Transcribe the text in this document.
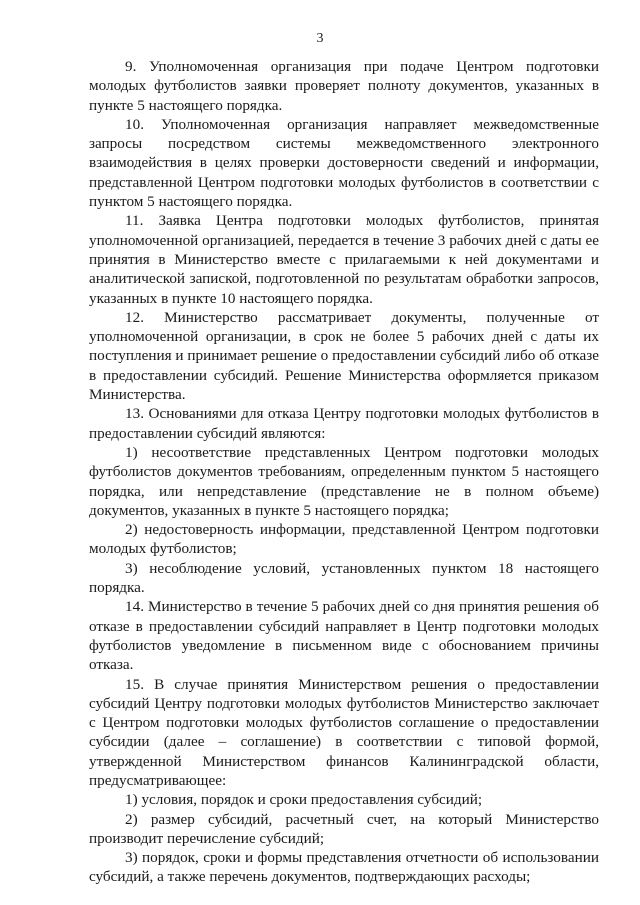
3

9. Уполномоченная организация при подаче Центром подготовки молодых футболистов заявки проверяет полноту документов, указанных в пункте 5 настоящего порядка.

10. Уполномоченная организация направляет межведомственные запросы посредством системы межведомственного электронного взаимодействия в целях проверки достоверности сведений и информации, представленной Центром подготовки молодых футболистов в соответствии с пунктом 5 настоящего порядка.

11. Заявка Центра подготовки молодых футболистов, принятая уполномоченной организацией, передается в течение 3 рабочих дней с даты ее принятия в Министерство вместе с прилагаемыми к ней документами и аналитической запиской, подготовленной по результатам обработки запросов, указанных в пункте 10 настоящего порядка.

12. Министерство рассматривает документы, полученные от уполномоченной организации, в срок не более 5 рабочих дней с даты их поступления и принимает решение о предоставлении субсидий либо об отказе в предоставлении субсидий. Решение Министерства оформляется приказом Министерства.

13. Основаниями для отказа Центру подготовки молодых футболистов в предоставлении субсидий являются:

1) несоответствие представленных Центром подготовки молодых футболистов документов требованиям, определенным пунктом 5 настоящего порядка, или непредставление (представление не в полном объеме) документов, указанных в пункте 5 настоящего порядка;

2) недостоверность информации, представленной Центром подготовки молодых футболистов;

3) несоблюдение условий, установленных пунктом 18 настоящего порядка.

14. Министерство в течение 5 рабочих дней со дня принятия решения об отказе в предоставлении субсидий направляет в Центр подготовки молодых футболистов уведомление в письменном виде с обоснованием причины отказа.

15. В случае принятия Министерством решения о предоставлении субсидий Центру подготовки молодых футболистов Министерство заключает с Центром подготовки молодых футболистов соглашение о предоставлении субсидии (далее – соглашение) в соответствии с типовой формой, утвержденной Министерством финансов Калининградской области, предусматривающее:

1) условия, порядок и сроки предоставления субсидий;

2) размер субсидий, расчетный счет, на который Министерство производит перечисление субсидий;

3) порядок, сроки и формы представления отчетности об использовании субсидий, а также перечень документов, подтверждающих расходы;
